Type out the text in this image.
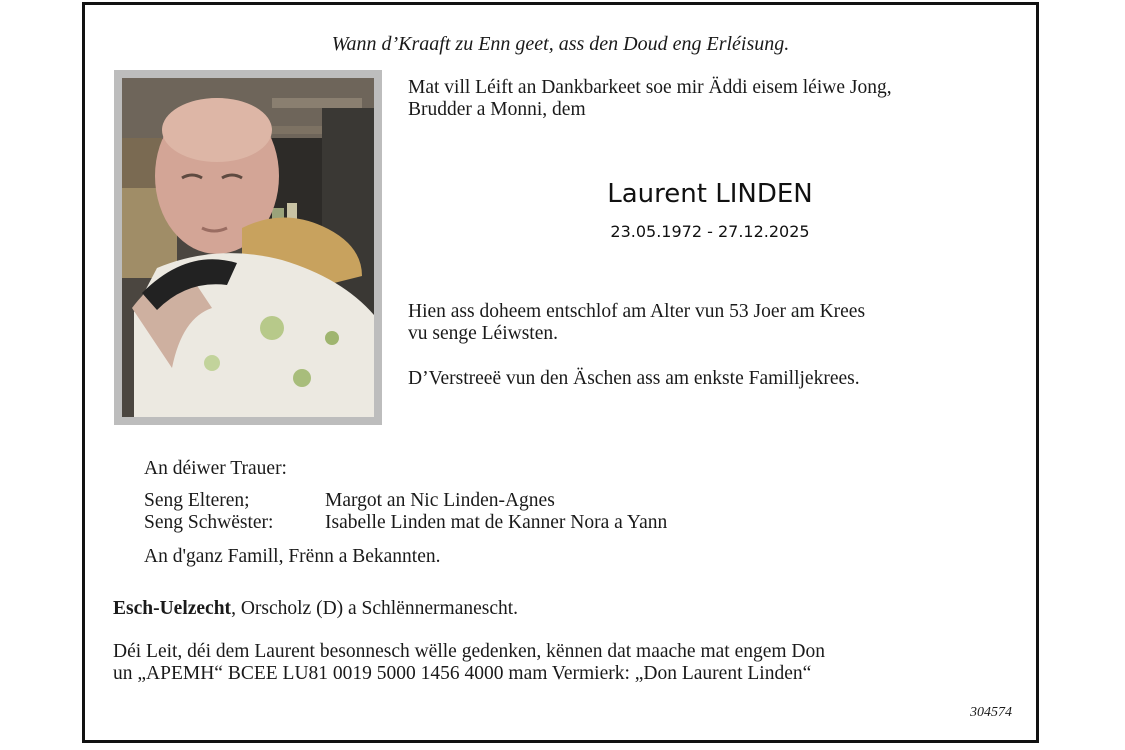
Wann d’Kraaft zu Enn geet, ass den Doud eng Erléisung.
Mat vill Léift an Dankbarkeet soe mir Äddi eisem léiwe Jong,
Brudder a Monni, dem
Laurent LINDEN
23.05.1972 - 27.12.2025
Hien ass doheem entschlof am Alter vun 53 Joer am Krees
vu senge Léiwsten.
D’Verstreeë vun den Äschen ass am enkste Familljekrees.
An déiwer Trauer:
Seng Elteren;	Margot an Nic Linden-Agnes
Seng Schwëster:	Isabelle Linden mat de Kanner Nora a Yann
An d'ganz Famill, Frënn a Bekannten.
Esch-Uelzecht, Orscholz (D) a Schlënnermanescht.
Déi Leit, déi dem Laurent besonnesch wëlle gedenken, kënnen dat maache mat engem Don
un „APEMH“ BCEE LU81 0019 5000 1456 4000 mam Vermierk: „Don Laurent Linden“
304574
